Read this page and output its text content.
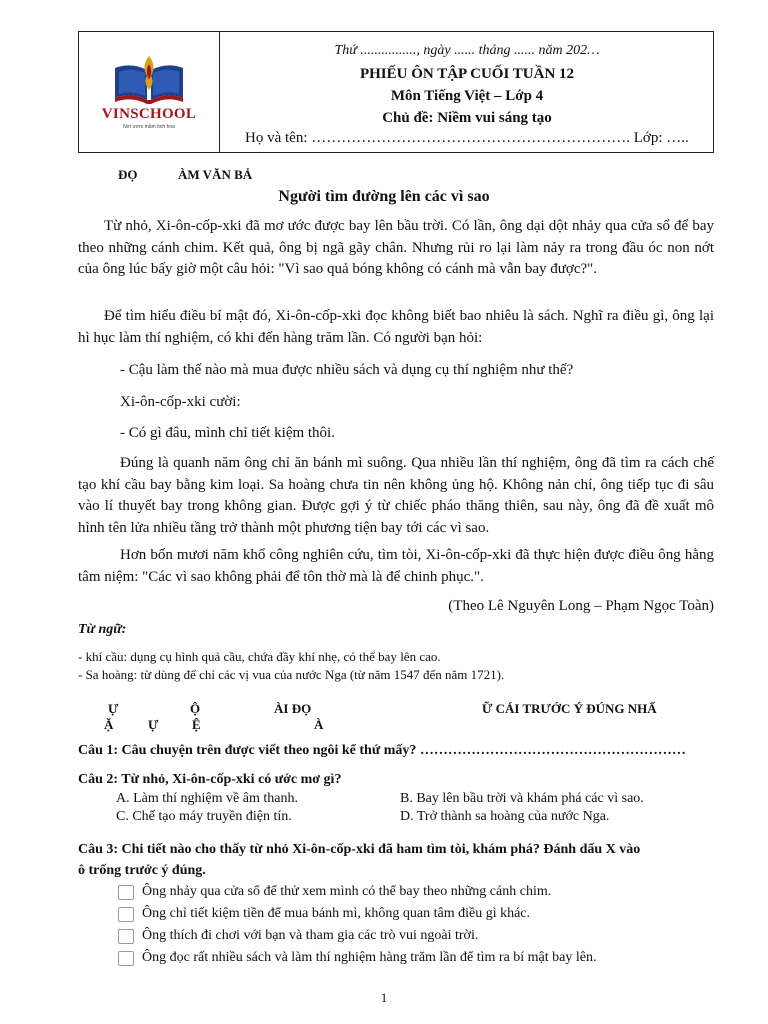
VINSCHOOL
Nơi ươm mầm tinh hoa
Thứ ................, ngày ...... tháng ...... năm 202…
PHIẾU ÔN TẬP CUỐI TUẦN 12
Môn Tiếng Việt – Lớp 4
Chủ đề: Niềm vui sáng tạo
Họ và tên: ………………………………………………………. Lớp: …..
ĐỌ	ÀM VĂN BẢ
Người tìm đường lên các vì sao
Từ nhỏ, Xi-ôn-cốp-xki đã mơ ước được bay lên bầu trời. Có lần, ông dại dột nhảy qua cửa sổ để bay theo những cánh chim. Kết quả, ông bị ngã gãy chân. Nhưng rủi ro lại làm nảy ra trong đầu óc non nớt của ông lúc bấy giờ một câu hỏi: "Vì sao quả bóng không có cánh mà vẫn bay được?".
Để tìm hiểu điều bí mật đó, Xi-ôn-cốp-xki đọc không biết bao nhiêu là sách. Nghĩ ra điều gì, ông lại hì hục làm thí nghiệm, có khi đến hàng trăm lần. Có người bạn hỏi:
- Cậu làm thế nào mà mua được nhiều sách và dụng cụ thí nghiệm như thế?
Xi-ôn-cốp-xki cười:
- Có gì đâu, mình chỉ tiết kiệm thôi.
Đúng là quanh năm ông chỉ ăn bánh mì suông. Qua nhiều lần thí nghiệm, ông đã tìm ra cách chế tạo khí cầu bay bằng kim loại. Sa hoàng chưa tin nên không ủng hộ. Không nản chí, ông tiếp tục đi sâu vào lí thuyết bay trong không gian. Được gợi ý từ chiếc pháo thăng thiên, sau này, ông đã đề xuất mô hình tên lửa nhiều tầng trở thành một phương tiện bay tới các vì sao.
Hơn bốn mươi năm khổ công nghiên cứu, tìm tòi, Xi-ôn-cốp-xki đã thực hiện được điều ông hằng tâm niệm: "Các vì sao không phải để tôn thờ mà là để chinh phục.".
(Theo Lê Nguyên Long – Phạm Ngọc Toàn)
Từ ngữ:
- khí cầu: dụng cụ hình quả cầu, chứa đầy khí nhẹ, có thể bay lên cao.
- Sa hoàng: từ dùng để chỉ các vị vua của nước Nga (từ năm 1547 đến năm 1721).
Ự	Ộ	ÀI ĐỌ	Ữ CÁI TRƯỚC Ý ĐÚNG NHẤ
Ặ	Ự	Ệ	À
Câu 1: Câu chuyện trên được viết theo ngôi kể thứ mấy? …………………………………………………
Câu 2: Từ nhỏ, Xi-ôn-cốp-xki có ước mơ gì?
A. Làm thí nghiệm về âm thanh.	B. Bay lên bầu trời và khám phá các vì sao.
C. Chế tạo máy truyền điện tín.	D. Trở thành sa hoàng của nước Nga.
Câu 3: Chi tiết nào cho thấy từ nhỏ Xi-ôn-cốp-xki đã ham tìm tòi, khám phá? Đánh dấu X vào
ô trống trước ý đúng.
Ông nhảy qua cửa sổ để thử xem mình có thể bay theo những cánh chim.
Ông chỉ tiết kiệm tiền để mua bánh mì, không quan tâm điều gì khác.
Ông thích đi chơi với bạn và tham gia các trò vui ngoài trời.
Ông đọc rất nhiều sách và làm thí nghiệm hàng trăm lần để tìm ra bí mật bay lên.
1
